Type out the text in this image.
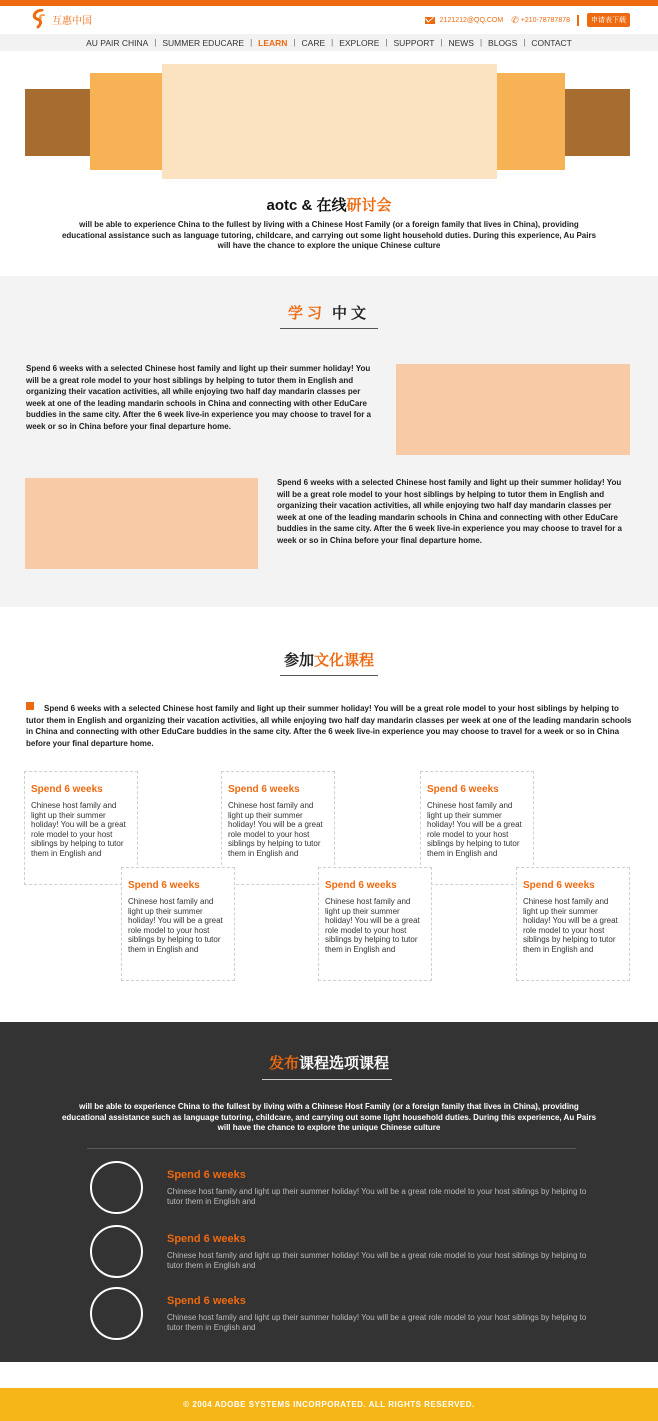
互惠中国	2121212@QQ.COM ✆ +210-78787878	申请表下载
AU PAIR CHINA | SUMMER EDUCARE | LEARN | CARE | EXPLORE | SUPPORT | NEWS | BLOGS | CONTACT
aotc & 在线研讨会
will be able to experience China to the fullest by living with a Chinese Host Family (or a foreign family that lives in China), providing educational assistance such as language tutoring, childcare, and carrying out some light household duties. During this experience, Au Pairs will have the chance to explore the unique Chinese culture
学习 中文
Spend 6 weeks with a selected Chinese host family and light up their summer holiday! You will be a great role model to your host siblings by helping to tutor them in English and organizing their vacation activities, all while enjoying two half day mandarin classes per week at one of the leading mandarin schools in China and connecting with other EduCare buddies in the same city. After the 6 week live-in experience you may choose to travel for a week or so in China before your final departure home.
Spend 6 weeks with a selected Chinese host family and light up their summer holiday! You will be a great role model to your host siblings by helping to tutor them in English and organizing their vacation activities, all while enjoying two half day mandarin classes per week at one of the leading mandarin schools in China and connecting with other EduCare buddies in the same city. After the 6 week live-in experience you may choose to travel for a week or so in China before your final departure home.
参加文化课程
Spend 6 weeks with a selected Chinese host family and light up their summer holiday! You will be a great role model to your host siblings by helping to tutor them in English and organizing their vacation activities, all while enjoying two half day mandarin classes per week at one of the leading mandarin schools in China and connecting with other EduCare buddies in the same city. After the 6 week live-in experience you may choose to travel for a week or so in China before your final departure home.
Spend 6 weeks
Chinese host family and light up their summer holiday! You will be a great role model to your host siblings by helping to tutor them in English and
Spend 6 weeks
Chinese host family and light up their summer holiday! You will be a great role model to your host siblings by helping to tutor them in English and
Spend 6 weeks
Chinese host family and light up their summer holiday! You will be a great role model to your host siblings by helping to tutor them in English and
Spend 6 weeks
Chinese host family and light up their summer holiday! You will be a great role model to your host siblings by helping to tutor them in English and
Spend 6 weeks
Chinese host family and light up their summer holiday! You will be a great role model to your host siblings by helping to tutor them in English and
Spend 6 weeks
Chinese host family and light up their summer holiday! You will be a great role model to your host siblings by helping to tutor them in English and
发布课程选项课程
will be able to experience China to the fullest by living with a Chinese Host Family (or a foreign family that lives in China), providing educational assistance such as language tutoring, childcare, and carrying out some light household duties. During this experience, Au Pairs will have the chance to explore the unique Chinese culture
Spend 6 weeks
Chinese host family and light up their summer holiday! You will be a great role model to your host siblings by helping to tutor them in English and
Spend 6 weeks
Chinese host family and light up their summer holiday! You will be a great role model to your host siblings by helping to tutor them in English and
Spend 6 weeks
Chinese host family and light up their summer holiday! You will be a great role model to your host siblings by helping to tutor them in English and
© 2004 ADOBE SYSTEMS INCORPORATED. ALL RIGHTS RESERVED.
